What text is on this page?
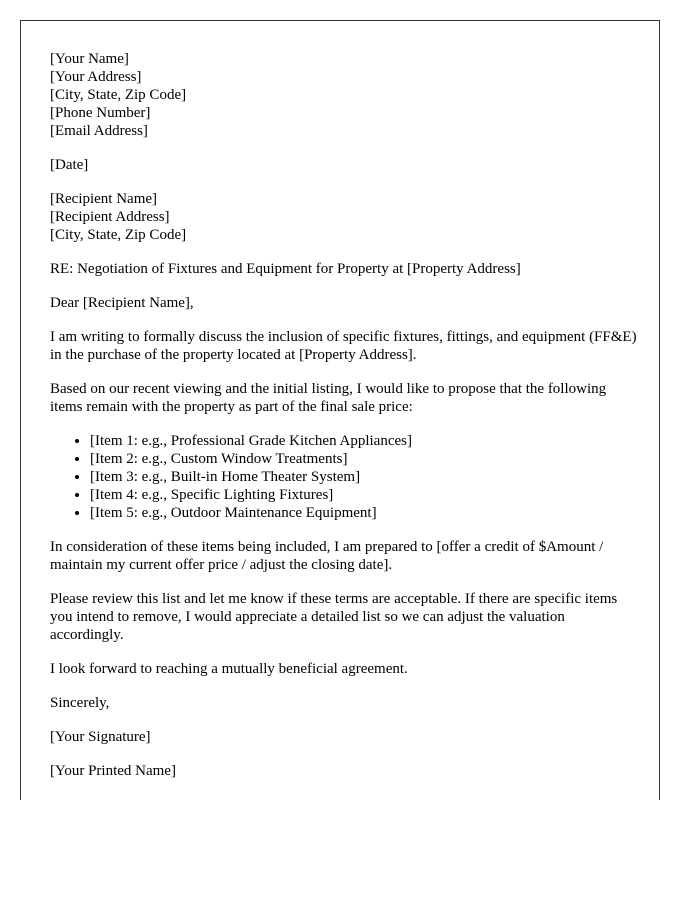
[Your Name]
[Your Address]
[City, State, Zip Code]
[Phone Number]
[Email Address]

[Date]

[Recipient Name]
[Recipient Address]
[City, State, Zip Code]

RE: Negotiation of Fixtures and Equipment for Property at [Property Address]

Dear [Recipient Name],

I am writing to formally discuss the inclusion of specific fixtures, fittings, and equipment (FF&E) in the purchase of the property located at [Property Address].

Based on our recent viewing and the initial listing, I would like to propose that the following items remain with the property as part of the final sale price:

• [Item 1: e.g., Professional Grade Kitchen Appliances]
• [Item 2: e.g., Custom Window Treatments]
• [Item 3: e.g., Built-in Home Theater System]
• [Item 4: e.g., Specific Lighting Fixtures]
• [Item 5: e.g., Outdoor Maintenance Equipment]

In consideration of these items being included, I am prepared to [offer a credit of $Amount / maintain my current offer price / adjust the closing date].

Please review this list and let me know if these terms are acceptable. If there are specific items you intend to remove, I would appreciate a detailed list so we can adjust the valuation accordingly.

I look forward to reaching a mutually beneficial agreement.

Sincerely,

[Your Signature]

[Your Printed Name]
